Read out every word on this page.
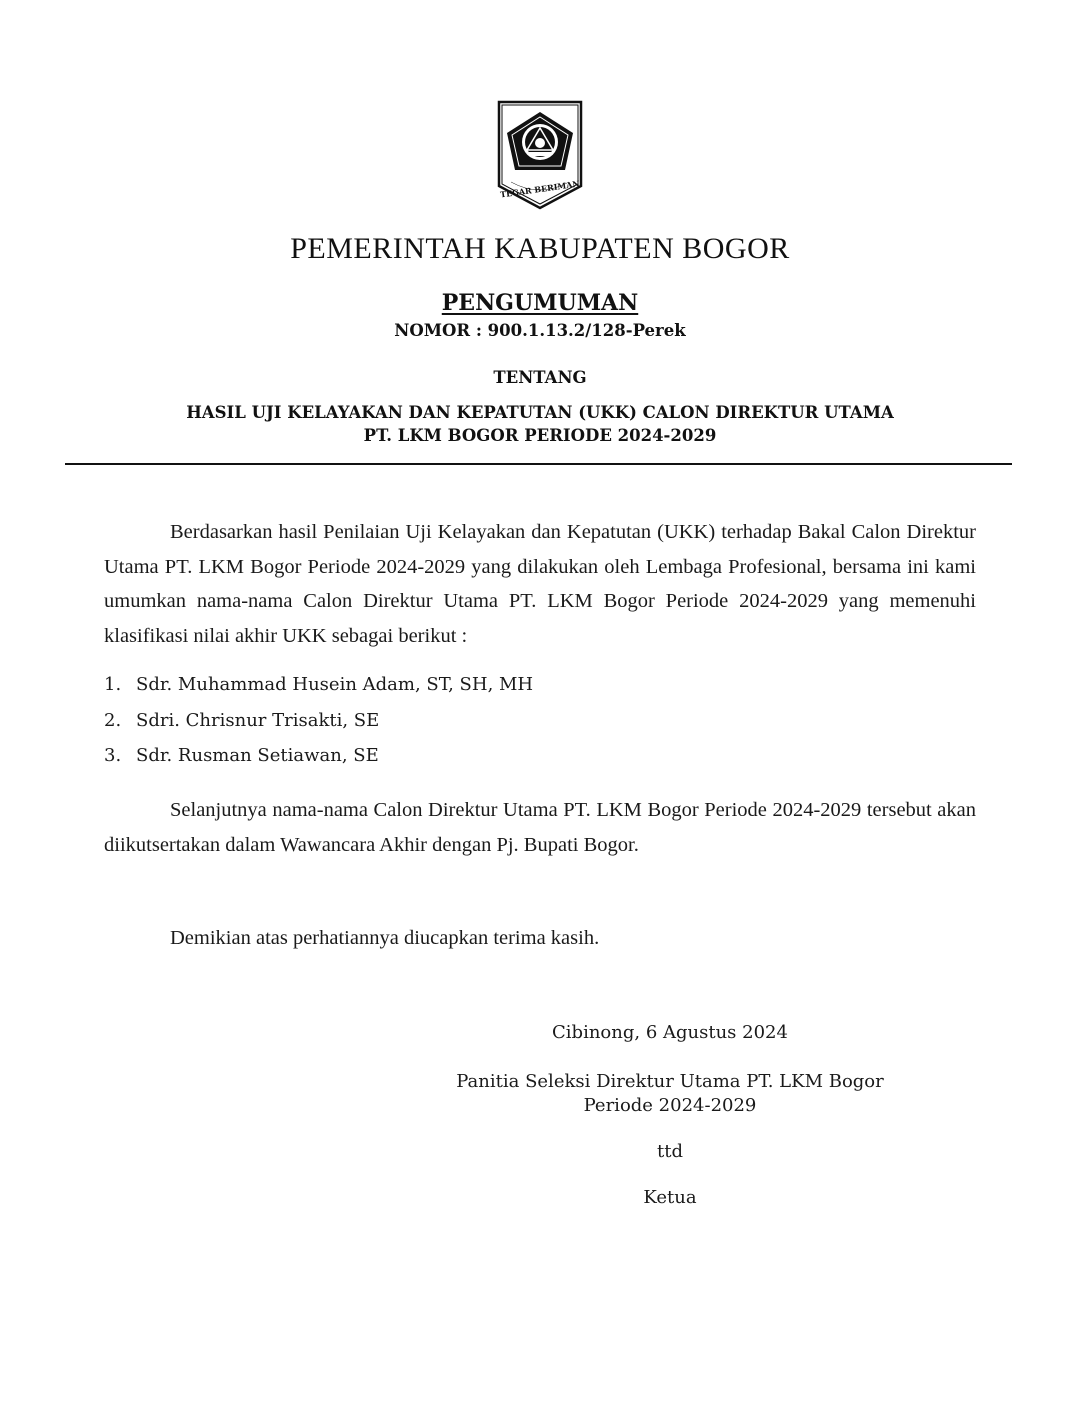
TEGAR BERIMAN
PEMERINTAH KABUPATEN BOGOR
PENGUMUMAN
NOMOR : 900.1.13.2/128-Perek
TENTANG
HASIL UJI KELAYAKAN DAN KEPATUTAN (UKK) CALON DIREKTUR UTAMA
PT. LKM BOGOR PERIODE 2024-2029
Berdasarkan hasil Penilaian Uji Kelayakan dan Kepatutan (UKK) terhadap Bakal Calon Direktur Utama PT. LKM Bogor Periode 2024-2029 yang dilakukan oleh Lembaga Profesional, bersama ini kami umumkan nama-nama Calon Direktur Utama PT. LKM Bogor Periode 2024-2029 yang memenuhi klasifikasi nilai akhir UKK sebagai berikut :
1. Sdr. Muhammad Husein Adam, ST, SH, MH
2. Sdri. Chrisnur Trisakti, SE
3. Sdr. Rusman Setiawan, SE
Selanjutnya nama-nama Calon Direktur Utama PT. LKM Bogor Periode 2024-2029 tersebut akan diikutsertakan dalam Wawancara Akhir dengan Pj. Bupati Bogor.
Demikian atas perhatiannya diucapkan terima kasih.
Cibinong, 6 Agustus 2024
Panitia Seleksi Direktur Utama PT. LKM Bogor
Periode 2024-2029
ttd
Ketua
